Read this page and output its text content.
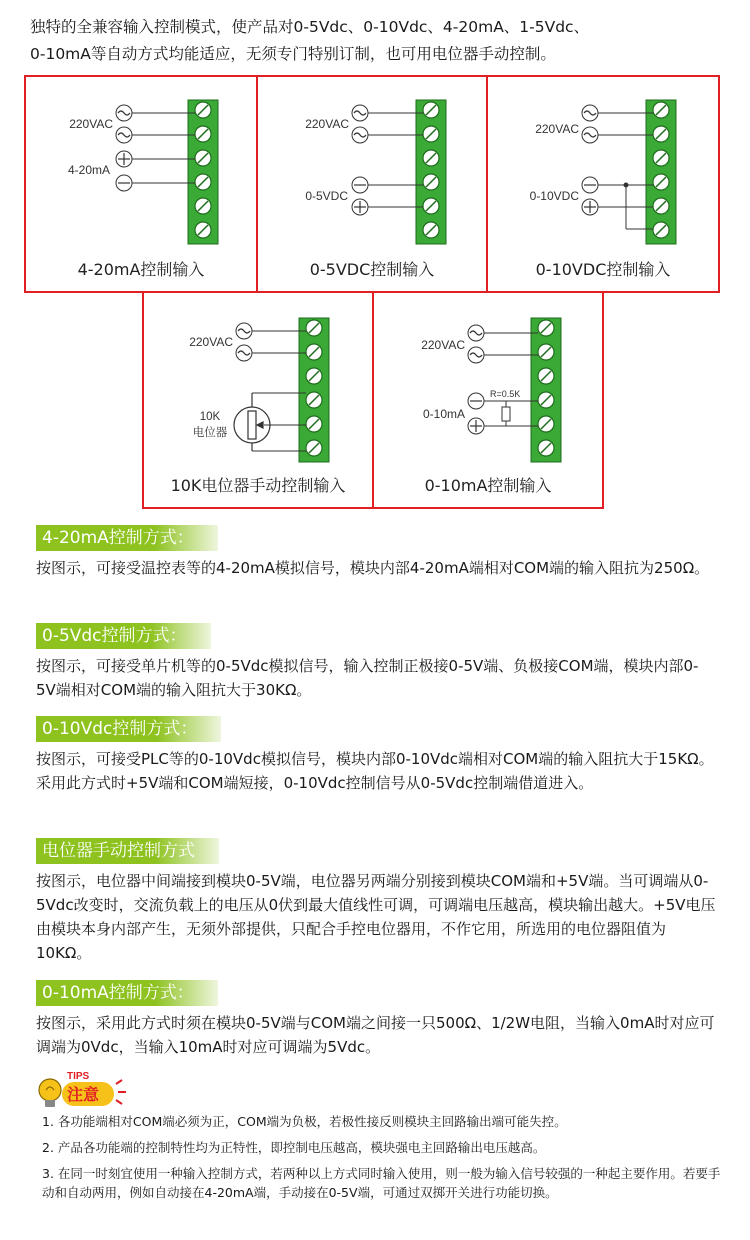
独特的全兼容输入控制模式，使产品对0-5Vdc、0-10Vdc、4-20mA、1-5Vdc、

0-10mA等自动方式均能适应，无须专门特别订制，也可用电位器手动控制。

220VAC
4-20mA
4-20mA控制输入
220VAC
0-5VDC
0-5VDC控制输入
220VAC
0-10VDC
0-10VDC控制输入
220VAC
10K
电位器
10K电位器手动控制输入
220VAC
0-10mA
R=0.5K
0-10mA控制输入
4-20mA控制方式：
按图示，可接受温控表等的4-20mA模拟信号，模块内部4-20mA端相对COM端的输入阻抗为250Ω。
0-5Vdc控制方式：
按图示，可接受单片机等的0-5Vdc模拟信号，输入控制正极接0-5V端、负极接COM端，模块内部0-5V端相对COM端的输入阻抗大于30KΩ。
0-10Vdc控制方式：
按图示，可接受PLC等的0-10Vdc模拟信号，模块内部0-10Vdc端相对COM端的输入阻抗大于15KΩ。采用此方式时+5V端和COM端短接，0-10Vdc控制信号从0-5Vdc控制端借道进入。
电位器手动控制方式
按图示，电位器中间端接到模块0-5V端，电位器另两端分别接到模块COM端和+5V端。当可调端从0-5Vdc改变时，交流负载上的电压从0伏到最大值线性可调，可调端电压越高，模块输出越大。+5V电压由模块本身内部产生，无须外部提供，只配合手控电位器用，不作它用，所选用的电位器阻值为10KΩ。
0-10mA控制方式：
按图示，采用此方式时须在模块0-5V端与COM端之间接一只500Ω、1/2W电阻，当输入0mA时对应可调端为0Vdc，当输入10mA时对应可调端为5Vdc。
TIPS
注意
1. 各功能端相对COM端必须为正，COM端为负极，若极性接反则模块主回路输出端可能失控。
2. 产品各功能端的控制特性均为正特性，即控制电压越高，模块强电主回路输出电压越高。
3. 在同一时刻宜使用一种输入控制方式，若两种以上方式同时输入使用，则一般为输入信号较强的一种起主要作用。若要手动和自动两用，例如自动接在4-20mA端，手动接在0-5V端，可通过双掷开关进行功能切换。
